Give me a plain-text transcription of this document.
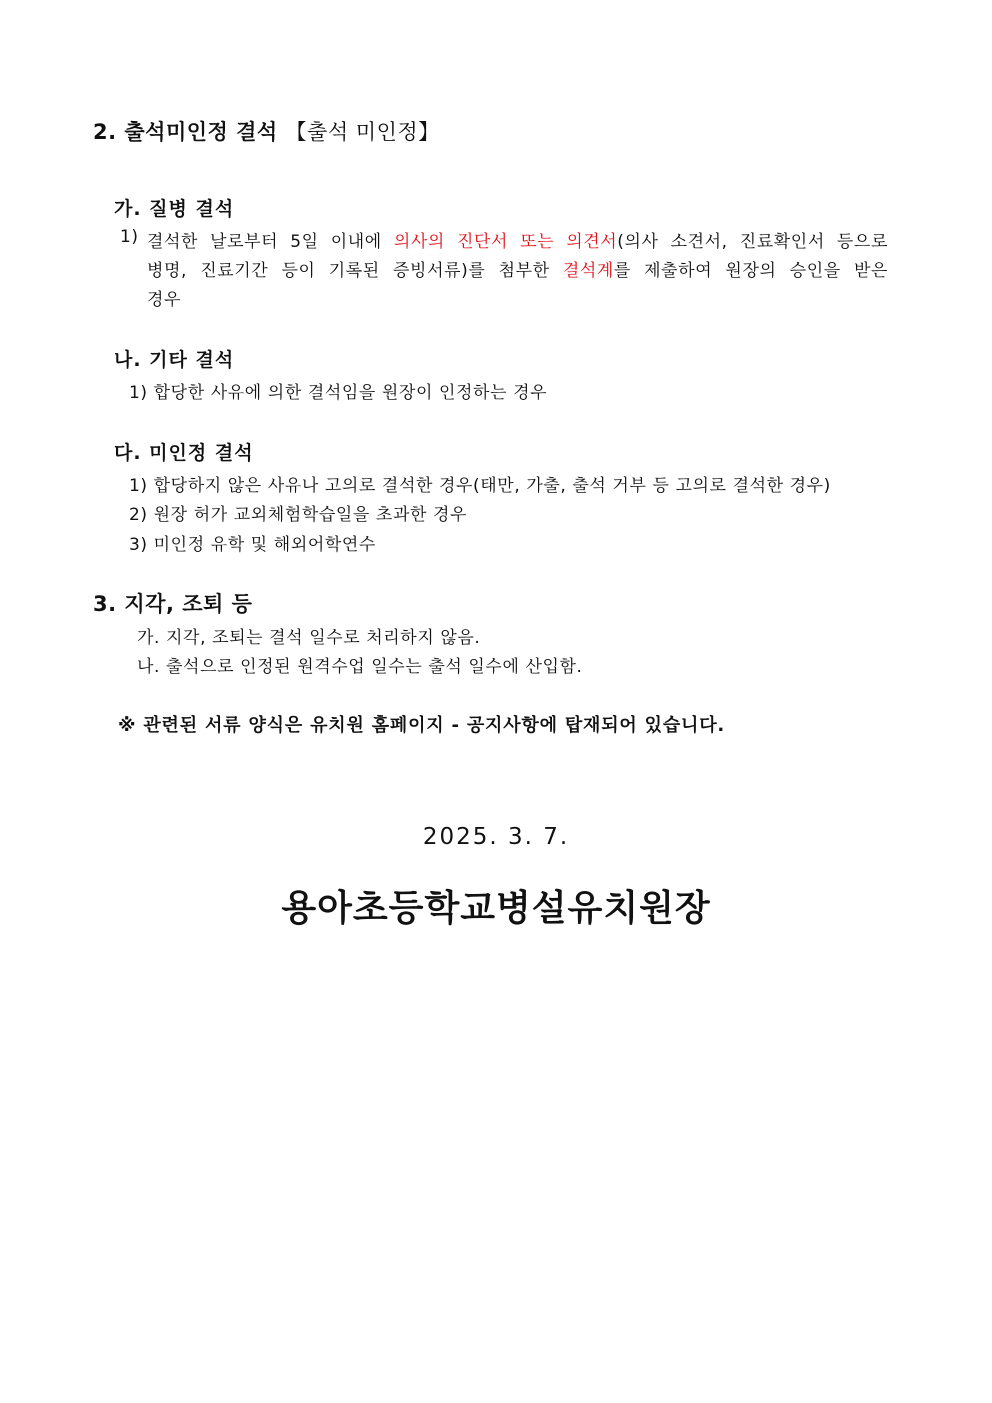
2. 출석미인정 결석 【출석 미인정】
가. 질병 결석
1) 결석한 날로부터 5일 이내에 의사의 진단서 또는 의견서(의사 소견서, 진료확인서 등으로
병명, 진료기간 등이 기록된 증빙서류)를 첨부한 결석계를 제출하여 원장의 승인을 받은
경우
나. 기타 결석
1) 합당한 사유에 의한 결석임을 원장이 인정하는 경우
다. 미인정 결석
1) 합당하지 않은 사유나 고의로 결석한 경우(태만, 가출, 출석 거부 등 고의로 결석한 경우)
2) 원장 허가 교외체험학습일을 초과한 경우
3) 미인정 유학 및 해외어학연수
3. 지각, 조퇴 등
가. 지각, 조퇴는 결석 일수로 처리하지 않음.
나. 출석으로 인정된 원격수업 일수는 출석 일수에 산입함.
※ 관련된 서류 양식은 유치원 홈페이지 - 공지사항에 탑재되어 있습니다.
2025. 3. 7.
용아초등학교병설유치원장
